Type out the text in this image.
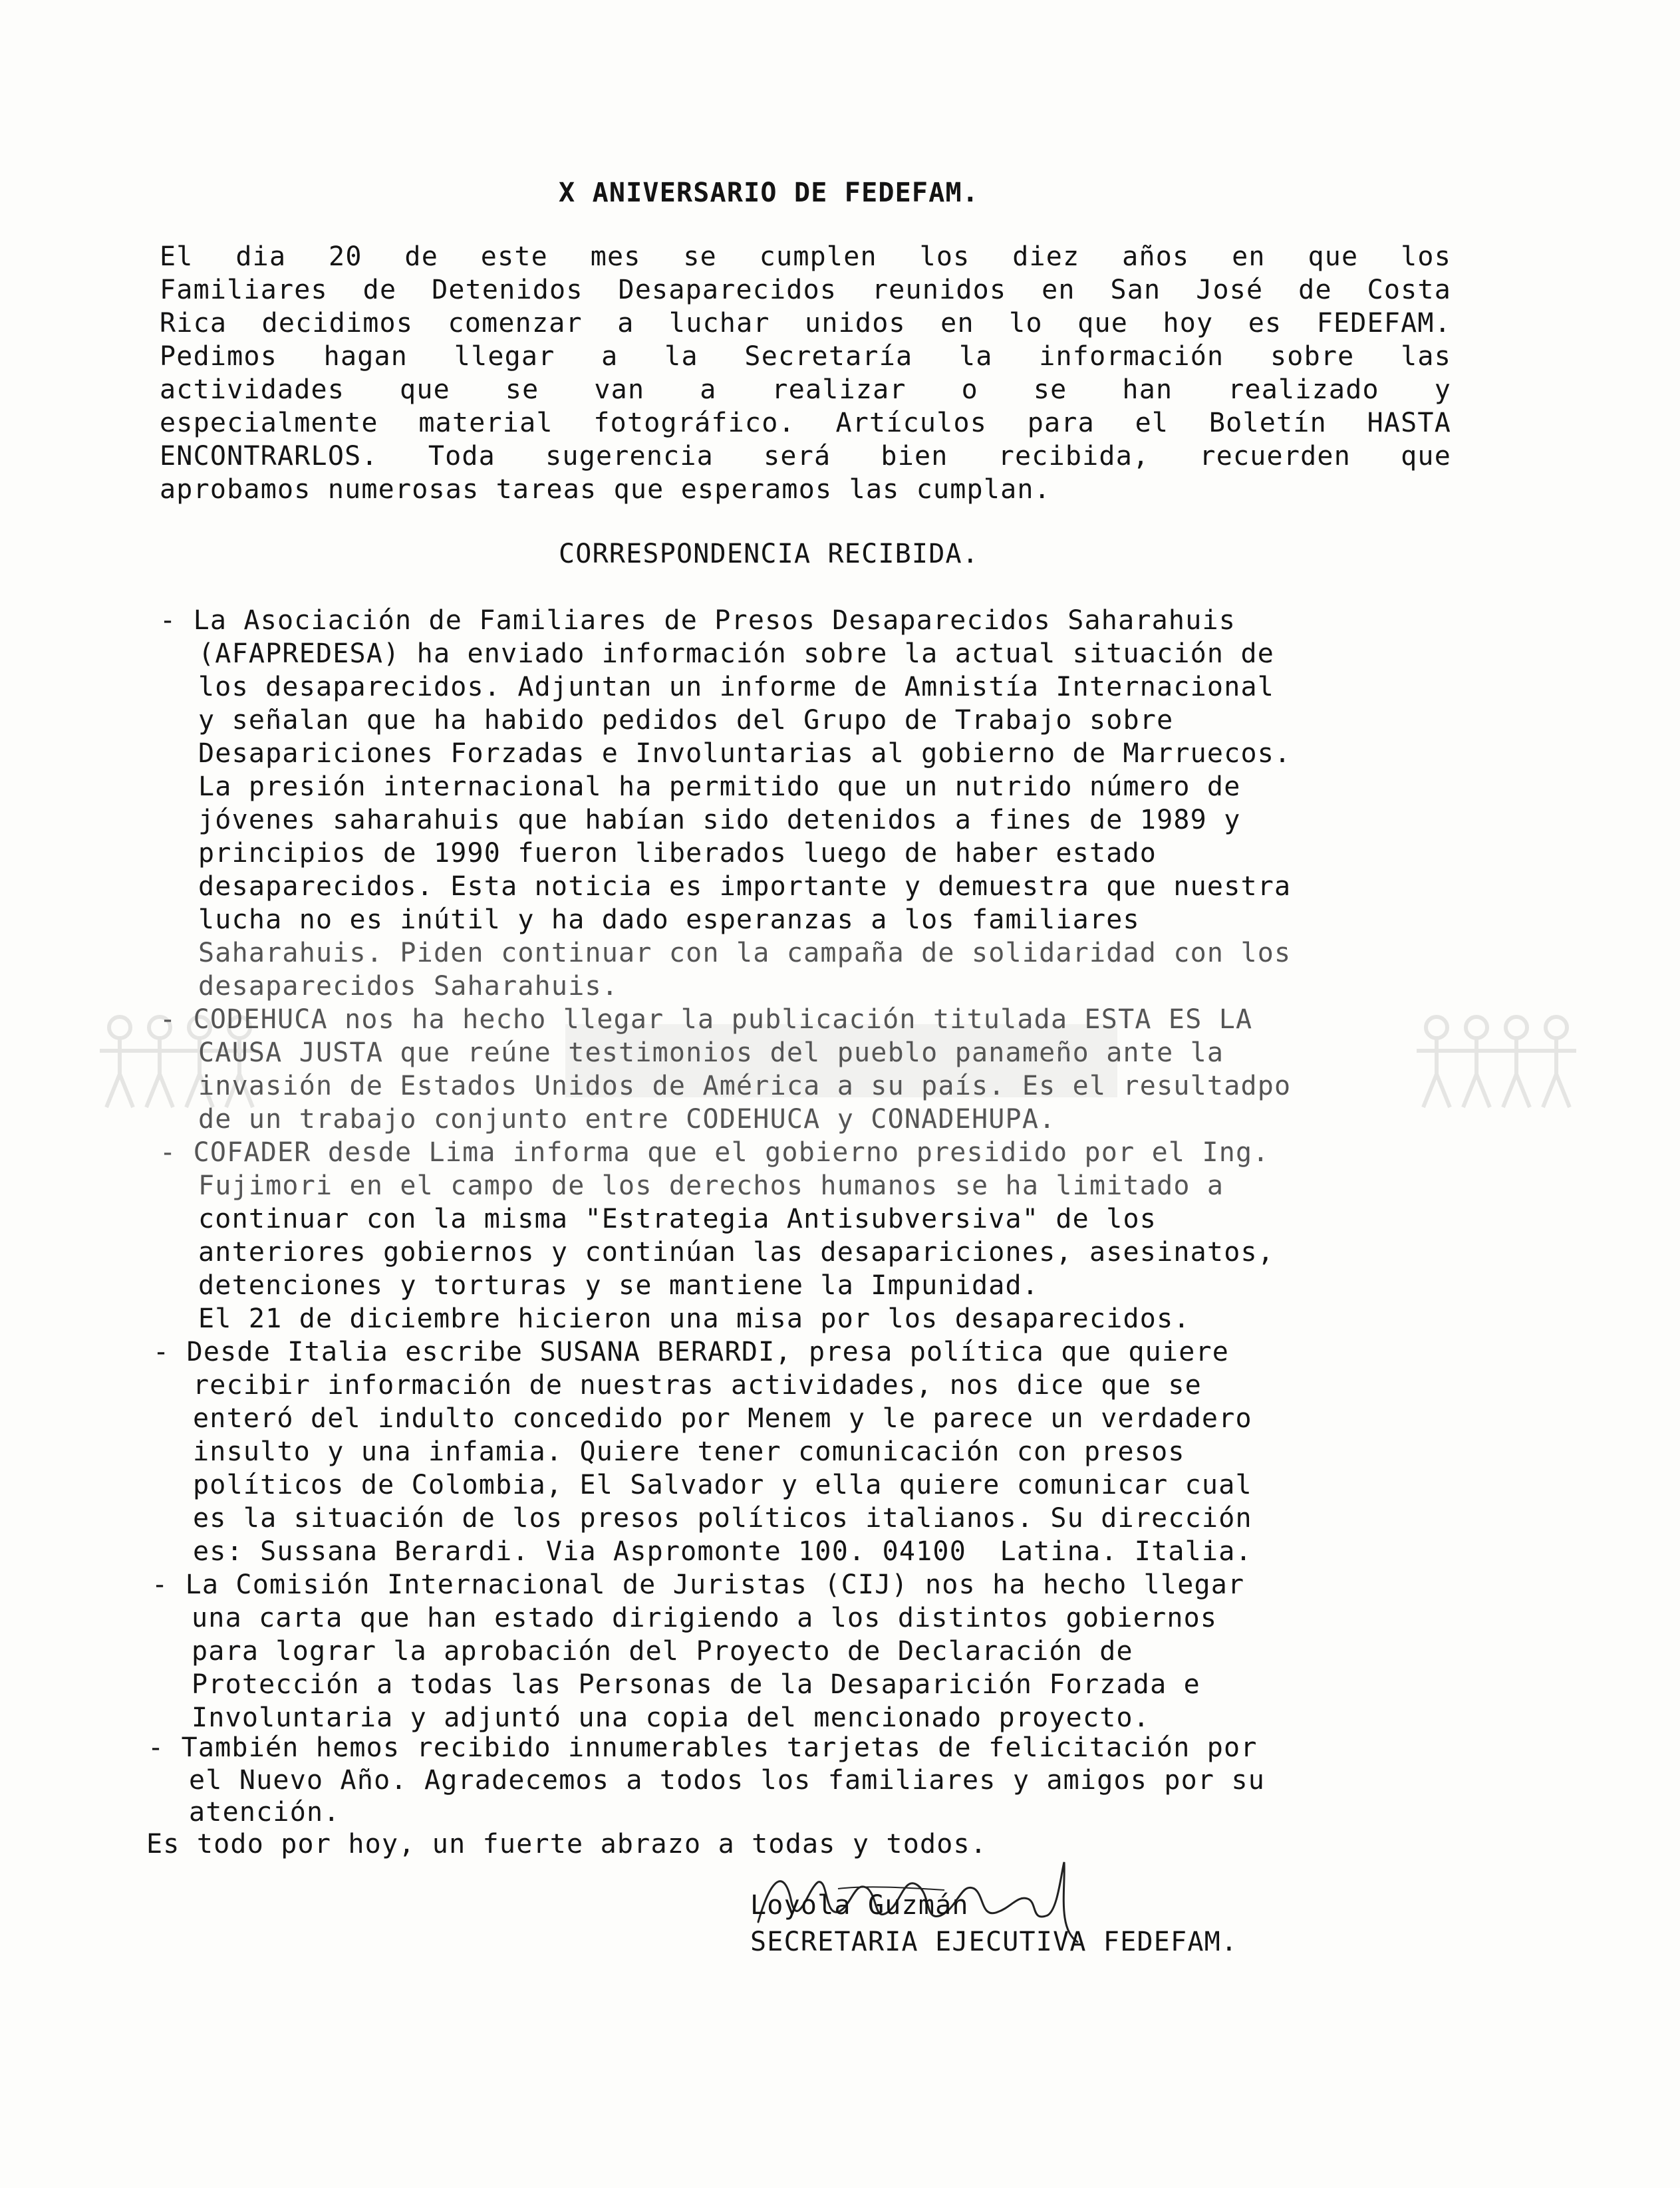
X ANIVERSARIO DE FEDEFAM.
El dia 20 de este mes se cumplen los diez años en que los
Familiares de Detenidos Desaparecidos reunidos en San José de Costa
Rica decidimos comenzar a luchar unidos en lo que hoy es FEDEFAM.
Pedimos hagan llegar a la Secretaría la información sobre las
actividades que se van a realizar o se han realizado y
especialmente material fotográfico. Artículos para el Boletín HASTA
ENCONTRARLOS. Toda sugerencia será bien recibida, recuerden que
aprobamos numerosas tareas que esperamos las cumplan.
CORRESPONDENCIA RECIBIDA.
- La Asociación de Familiares de Presos Desaparecidos Saharahuis
(AFAPREDESA) ha enviado información sobre la actual situación de
los desaparecidos. Adjuntan un informe de Amnistía Internacional
y señalan que ha habido pedidos del Grupo de Trabajo sobre
Desapariciones Forzadas e Involuntarias al gobierno de Marruecos.
La presión internacional ha permitido que un nutrido número de
jóvenes saharahuis que habían sido detenidos a fines de 1989 y
principios de 1990 fueron liberados luego de haber estado
desaparecidos. Esta noticia es importante y demuestra que nuestra
lucha no es inútil y ha dado esperanzas a los familiares
Saharahuis. Piden continuar con la campaña de solidaridad con los
desaparecidos Saharahuis.
- CODEHUCA nos ha hecho llegar la publicación titulada ESTA ES LA
CAUSA JUSTA que reúne testimonios del pueblo panameño ante la
invasión de Estados Unidos de América a su país. Es el resultadpo
de un trabajo conjunto entre CODEHUCA y CONADEHUPA.
- COFADER desde Lima informa que el gobierno presidido por el Ing.
Fujimori en el campo de los derechos humanos se ha limitado a
continuar con la misma "Estrategia Antisubversiva" de los
anteriores gobiernos y continúan las desapariciones, asesinatos,
detenciones y torturas y se mantiene la Impunidad.
El 21 de diciembre hicieron una misa por los desaparecidos.
- Desde Italia escribe SUSANA BERARDI, presa política que quiere
recibir información de nuestras actividades, nos dice que se
enteró del indulto concedido por Menem y le parece un verdadero
insulto y una infamia. Quiere tener comunicación con presos
políticos de Colombia, El Salvador y ella quiere comunicar cual
es la situación de los presos políticos italianos. Su dirección
es: Sussana Berardi. Via Aspromonte 100. 04100  Latina. Italia.
- La Comisión Internacional de Juristas (CIJ) nos ha hecho llegar
una carta que han estado dirigiendo a los distintos gobiernos
para lograr la aprobación del Proyecto de Declaración de
Protección a todas las Personas de la Desaparición Forzada e
Involuntaria y adjuntó una copia del mencionado proyecto.
- También hemos recibido innumerables tarjetas de felicitación por
el Nuevo Año. Agradecemos a todos los familiares y amigos por su
atención.
Es todo por hoy, un fuerte abrazo a todas y todos.
Loyola Guzmán
SECRETARIA EJECUTIVA FEDEFAM.
